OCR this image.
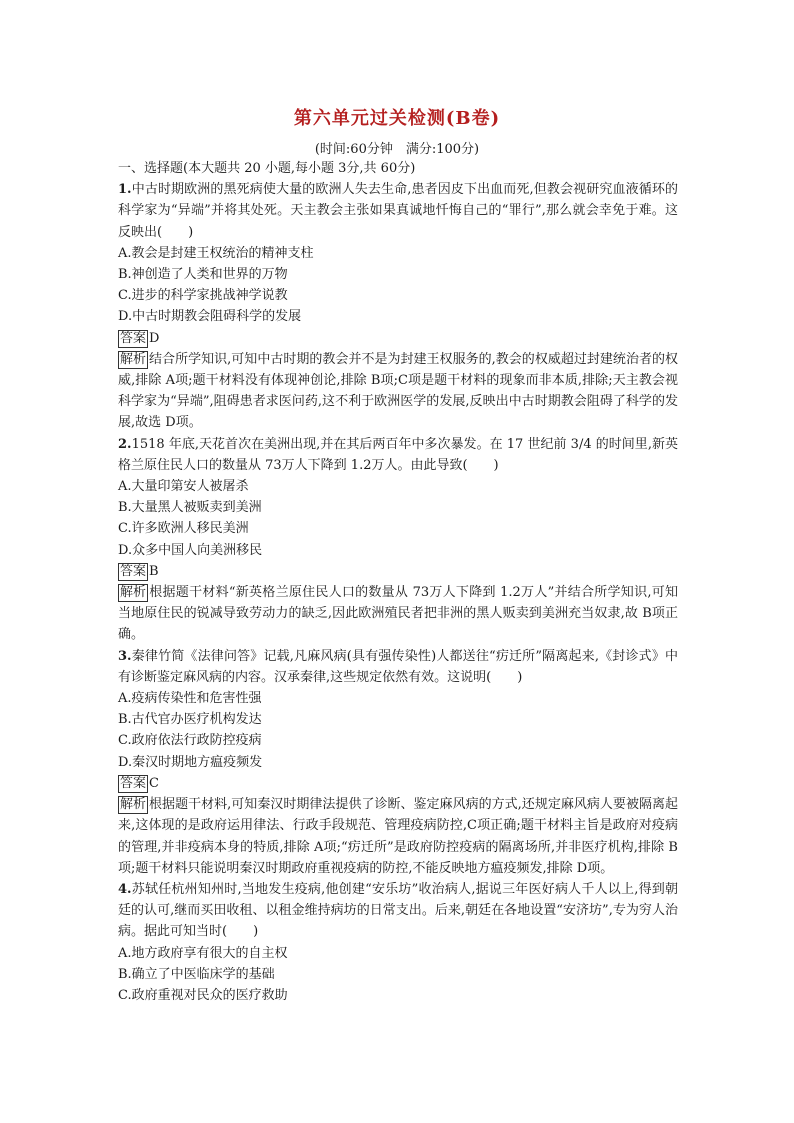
第六单元过关检测(B卷)
(时间:60分钟　满分:100分)

一、选择题(本大题共 20 小题,每小题 3分,共 60分)

1.中古时期欧洲的黑死病使大量的欧洲人失去生命,患者因皮下出血而死,但教会视研究血液循环的科学家为“异端”并将其处死。天主教会主张如果真诚地忏悔自己的“罪行”,那么就会幸免于难。这反映出(　　)

A.教会是封建王权统治的精神支柱

B.神创造了人类和世界的万物

C.进步的科学家挑战神学说教

D.中古时期教会阻碍科学的发展

答案 D

解析 结合所学知识,可知中古时期的教会并不是为封建王权服务的,教会的权威超过封建统治者的权威,排除 A项;题干材料没有体现神创论,排除 B项;C项是题干材料的现象而非本质,排除;天主教会视科学家为“异端”,阻碍患者求医问药,这不利于欧洲医学的发展,反映出中古时期教会阻碍了科学的发展,故选 D项。

2.1518 年底,天花首次在美洲出现,并在其后两百年中多次暴发。在 17 世纪前 3/4 的时间里,新英格兰原住民人口的数量从 73万人下降到 1.2万人。由此导致(　　)

A.大量印第安人被屠杀

B.大量黑人被贩卖到美洲

C.许多欧洲人移民美洲

D.众多中国人向美洲移民

答案 B

解析 根据题干材料“新英格兰原住民人口的数量从 73万人下降到 1.2万人”并结合所学知识,可知当地原住民的锐减导致劳动力的缺乏,因此欧洲殖民者把非洲的黑人贩卖到美洲充当奴隶,故 B项正确。

3.秦律竹简《法律问答》记载,凡麻风病(具有强传染性)人都送往“疠迁所”隔离起来,《封诊式》中有诊断鉴定麻风病的内容。汉承秦律,这些规定依然有效。这说明(　　)

A.疫病传染性和危害性强

B.古代官办医疗机构发达

C.政府依法行政防控疫病

D.秦汉时期地方瘟疫频发

答案 C

解析 根据题干材料,可知秦汉时期律法提供了诊断、鉴定麻风病的方式,还规定麻风病人要被隔离起来,这体现的是政府运用律法、行政手段规范、管理疫病防控,C项正确;题干材料主旨是政府对疫病的管理,并非疫病本身的特质,排除 A项;“疠迁所”是政府防控疫病的隔离场所,并非医疗机构,排除 B项;题干材料只能说明秦汉时期政府重视疫病的防控,不能反映地方瘟疫频发,排除 D项。

4.苏轼任杭州知州时,当地发生疫病,他创建“安乐坊”收治病人,据说三年医好病人千人以上,得到朝廷的认可,继而买田收租、以租金维持病坊的日常支出。后来,朝廷在各地设置“安济坊”,专为穷人治病。据此可知当时(　　)

A.地方政府享有很大的自主权

B.确立了中医临床学的基础

C.政府重视对民众的医疗救助
